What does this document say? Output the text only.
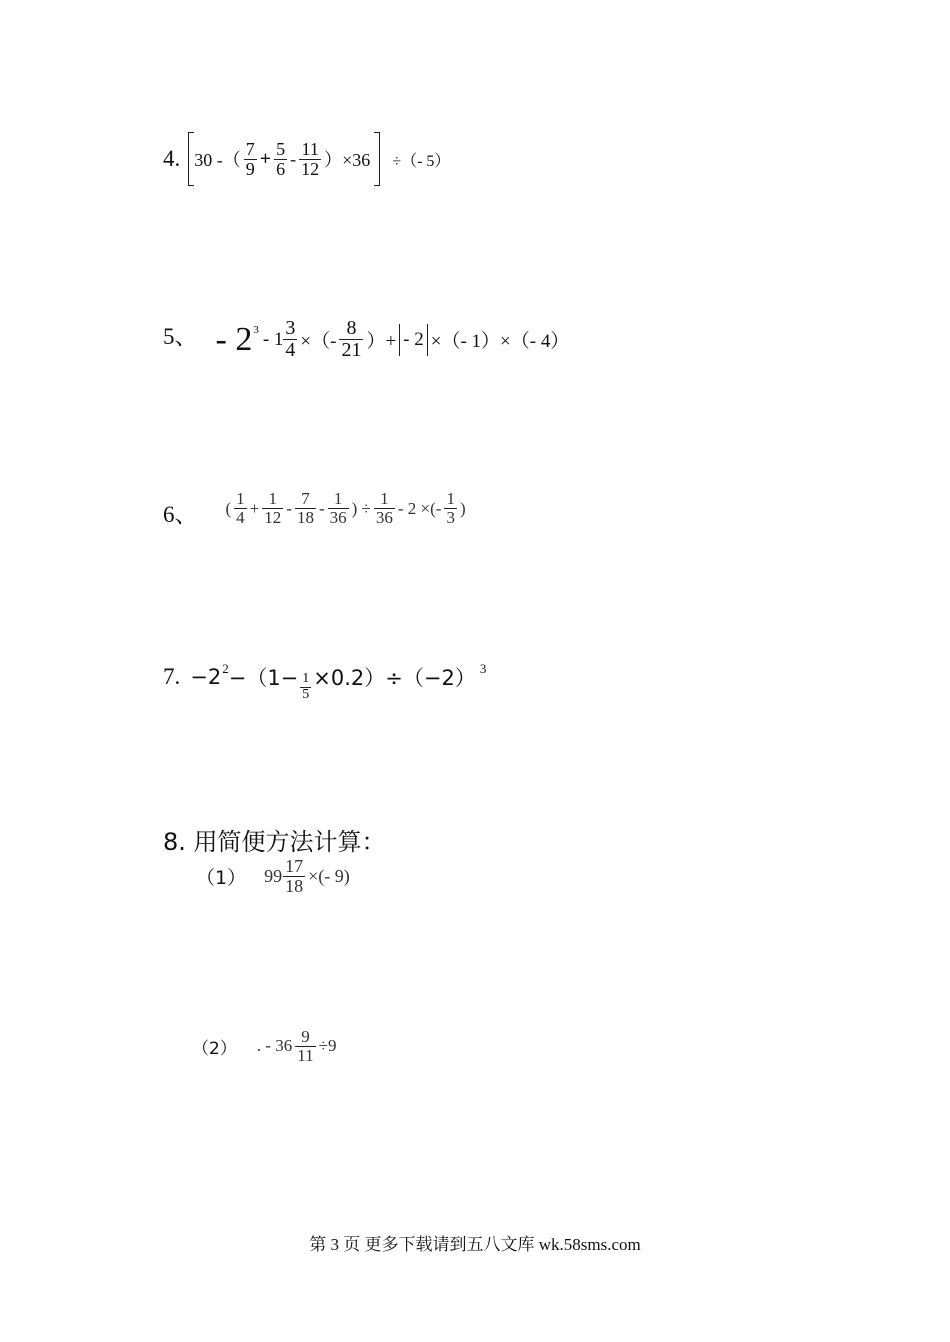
4. 30 -（ $\frac{7}{9} + \frac{5}{6} - \frac{11}{12} )\times 36$ ÷（- 5）
5、 - 2 $3 - 1 \frac{3}{4}$ ×（- $\frac{8}{21}$ ）+ - 2 ×（- 1）×（- 4）
6、 ( $\frac{1}{4} + \frac{1}{12} - \frac{7}{18} - \frac{1}{36}$ ) ÷ $\frac{1}{36} - 2$ ×(- $\frac{1}{3}$ )
7. −2 $2 -(1- \frac{1}{5} \times 0.2)\div(-2)$ 3
8. 用简便方法计算：
（1） $99 \frac{17}{18}$ ×(- 9)
（2） . - $36 \frac{9}{11} \div 9$
第 3 页 更多下载请到五八文库 wk.58sms.com
